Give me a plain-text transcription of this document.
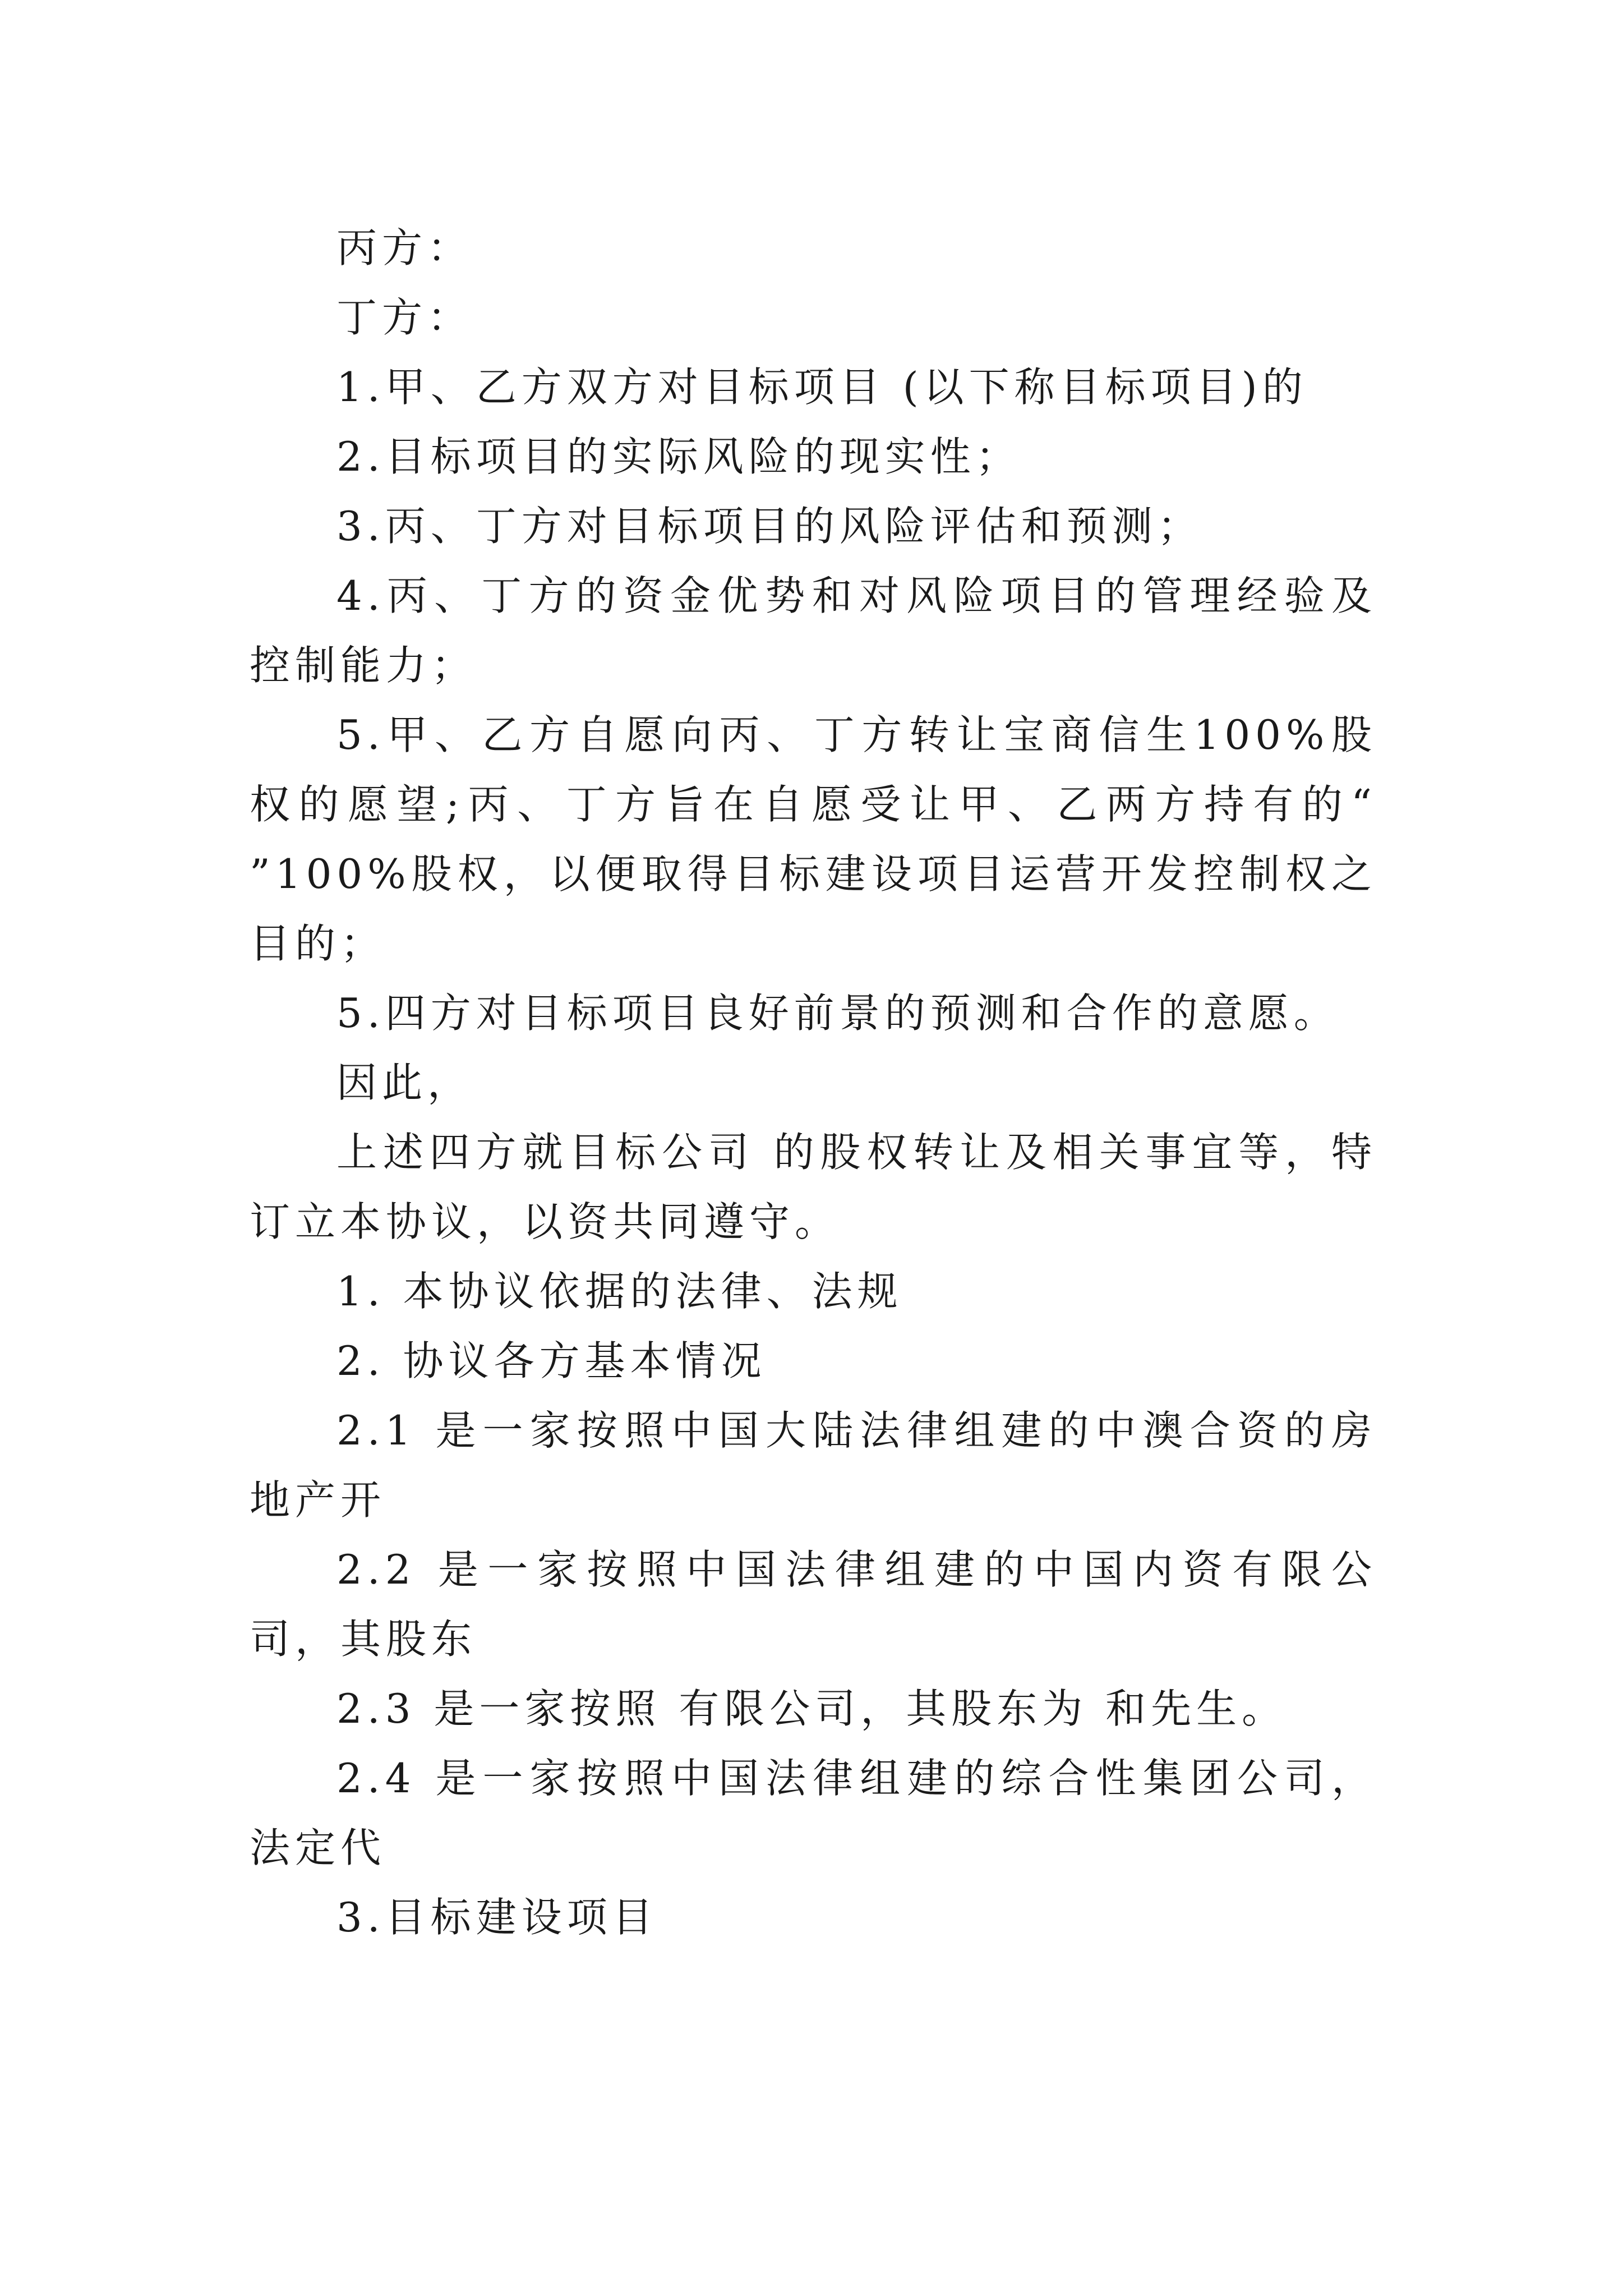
丙方：

丁方：

1.甲、乙方双方对目标项目 (以下称目标项目)的

2.目标项目的实际风险的现实性；

3.丙、丁方对目标项目的风险评估和预测；

4.丙、丁方的资金优势和对风险项目的管理经验及控制能力；

5.甲、乙方自愿向丙、丁方转让宝商信生100%股权的愿望;丙、丁方旨在自愿受让甲、乙两方持有的“ ”100%股权，以便取得目标建设项目运营开发控制权之目的；

5.四方对目标项目良好前景的预测和合作的意愿。

因此，

上述四方就目标公司 的股权转让及相关事宜等，特订立本协议，以资共同遵守。

1. 本协议依据的法律、法规

2. 协议各方基本情况

2.1 是一家按照中国大陆法律组建的中澳合资的房地产开

2.2 是一家按照中国法律组建的中国内资有限公司，其股东

2.3 是一家按照 有限公司，其股东为 和先生。

2.4 是一家按照中国法律组建的综合性集团公司，法定代

3.目标建设项目
